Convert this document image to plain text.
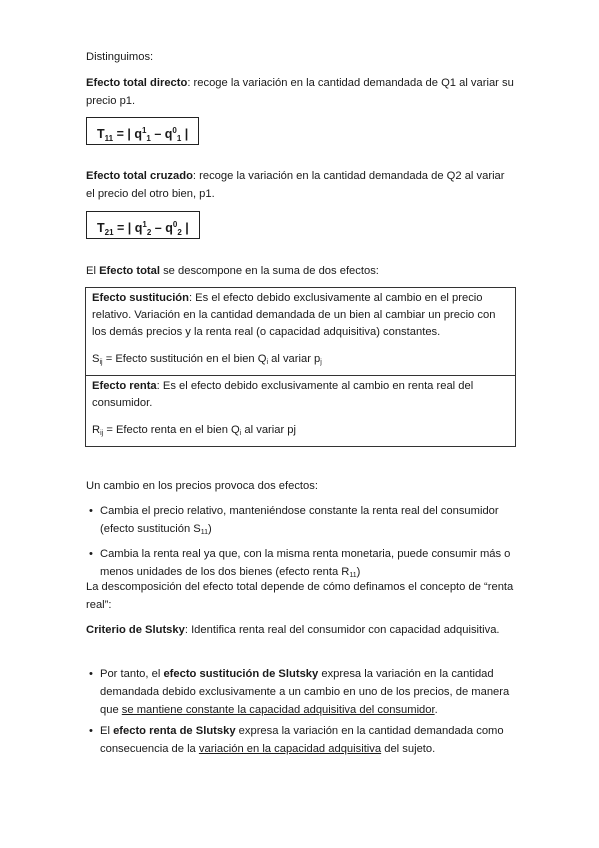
Distinguimos:
Efecto total directo: recoge la variación en la cantidad demandada de Q1 al variar su precio p1.
$T_{11}$ = | $q^1_1 - q^0_1$ |
Efecto total cruzado: recoge la variación en la cantidad demandada de Q2 al variar el precio del otro bien, p1.
$T_{21}$ = | $q^1_2 - q^0_2$ |
El Efecto total se descompone en la suma de dos efectos:
Efecto sustitución: Es el efecto debido exclusivamente al cambio en el precio relativo. Variación en la cantidad demandada de un bien al cambiar un precio con los demás precios y la renta real (o capacidad adquisitiva) constantes.
$S_{ij}$ = Efecto sustitución en el bien $Q_i$ al variar $p_j$
Efecto renta: Es el efecto debido exclusivamente al cambio en renta real del consumidor.
$R_{ij}$ = Efecto renta en el bien $Q_i$ al variar pj
Un cambio en los precios provoca dos efectos:
• Cambia el precio relativo, manteniéndose constante la renta real del consumidor (efecto sustitución $S_{11}$)
• Cambia la renta real ya que, con la misma renta monetaria, puede consumir más o menos unidades de los dos bienes (efecto renta $R_{11}$)
La descomposición del efecto total depende de cómo definamos el concepto de “renta real”:
Criterio de Slutsky: Identifica renta real del consumidor con capacidad adquisitiva.
• Por tanto, el efecto sustitución de Slutsky expresa la variación en la cantidad demandada debido exclusivamente a un cambio en uno de los precios, de manera que se mantiene constante la capacidad adquisitiva del consumidor.
• El efecto renta de Slutsky expresa la variación en la cantidad demandada como consecuencia de la variación en la capacidad adquisitiva del sujeto.
